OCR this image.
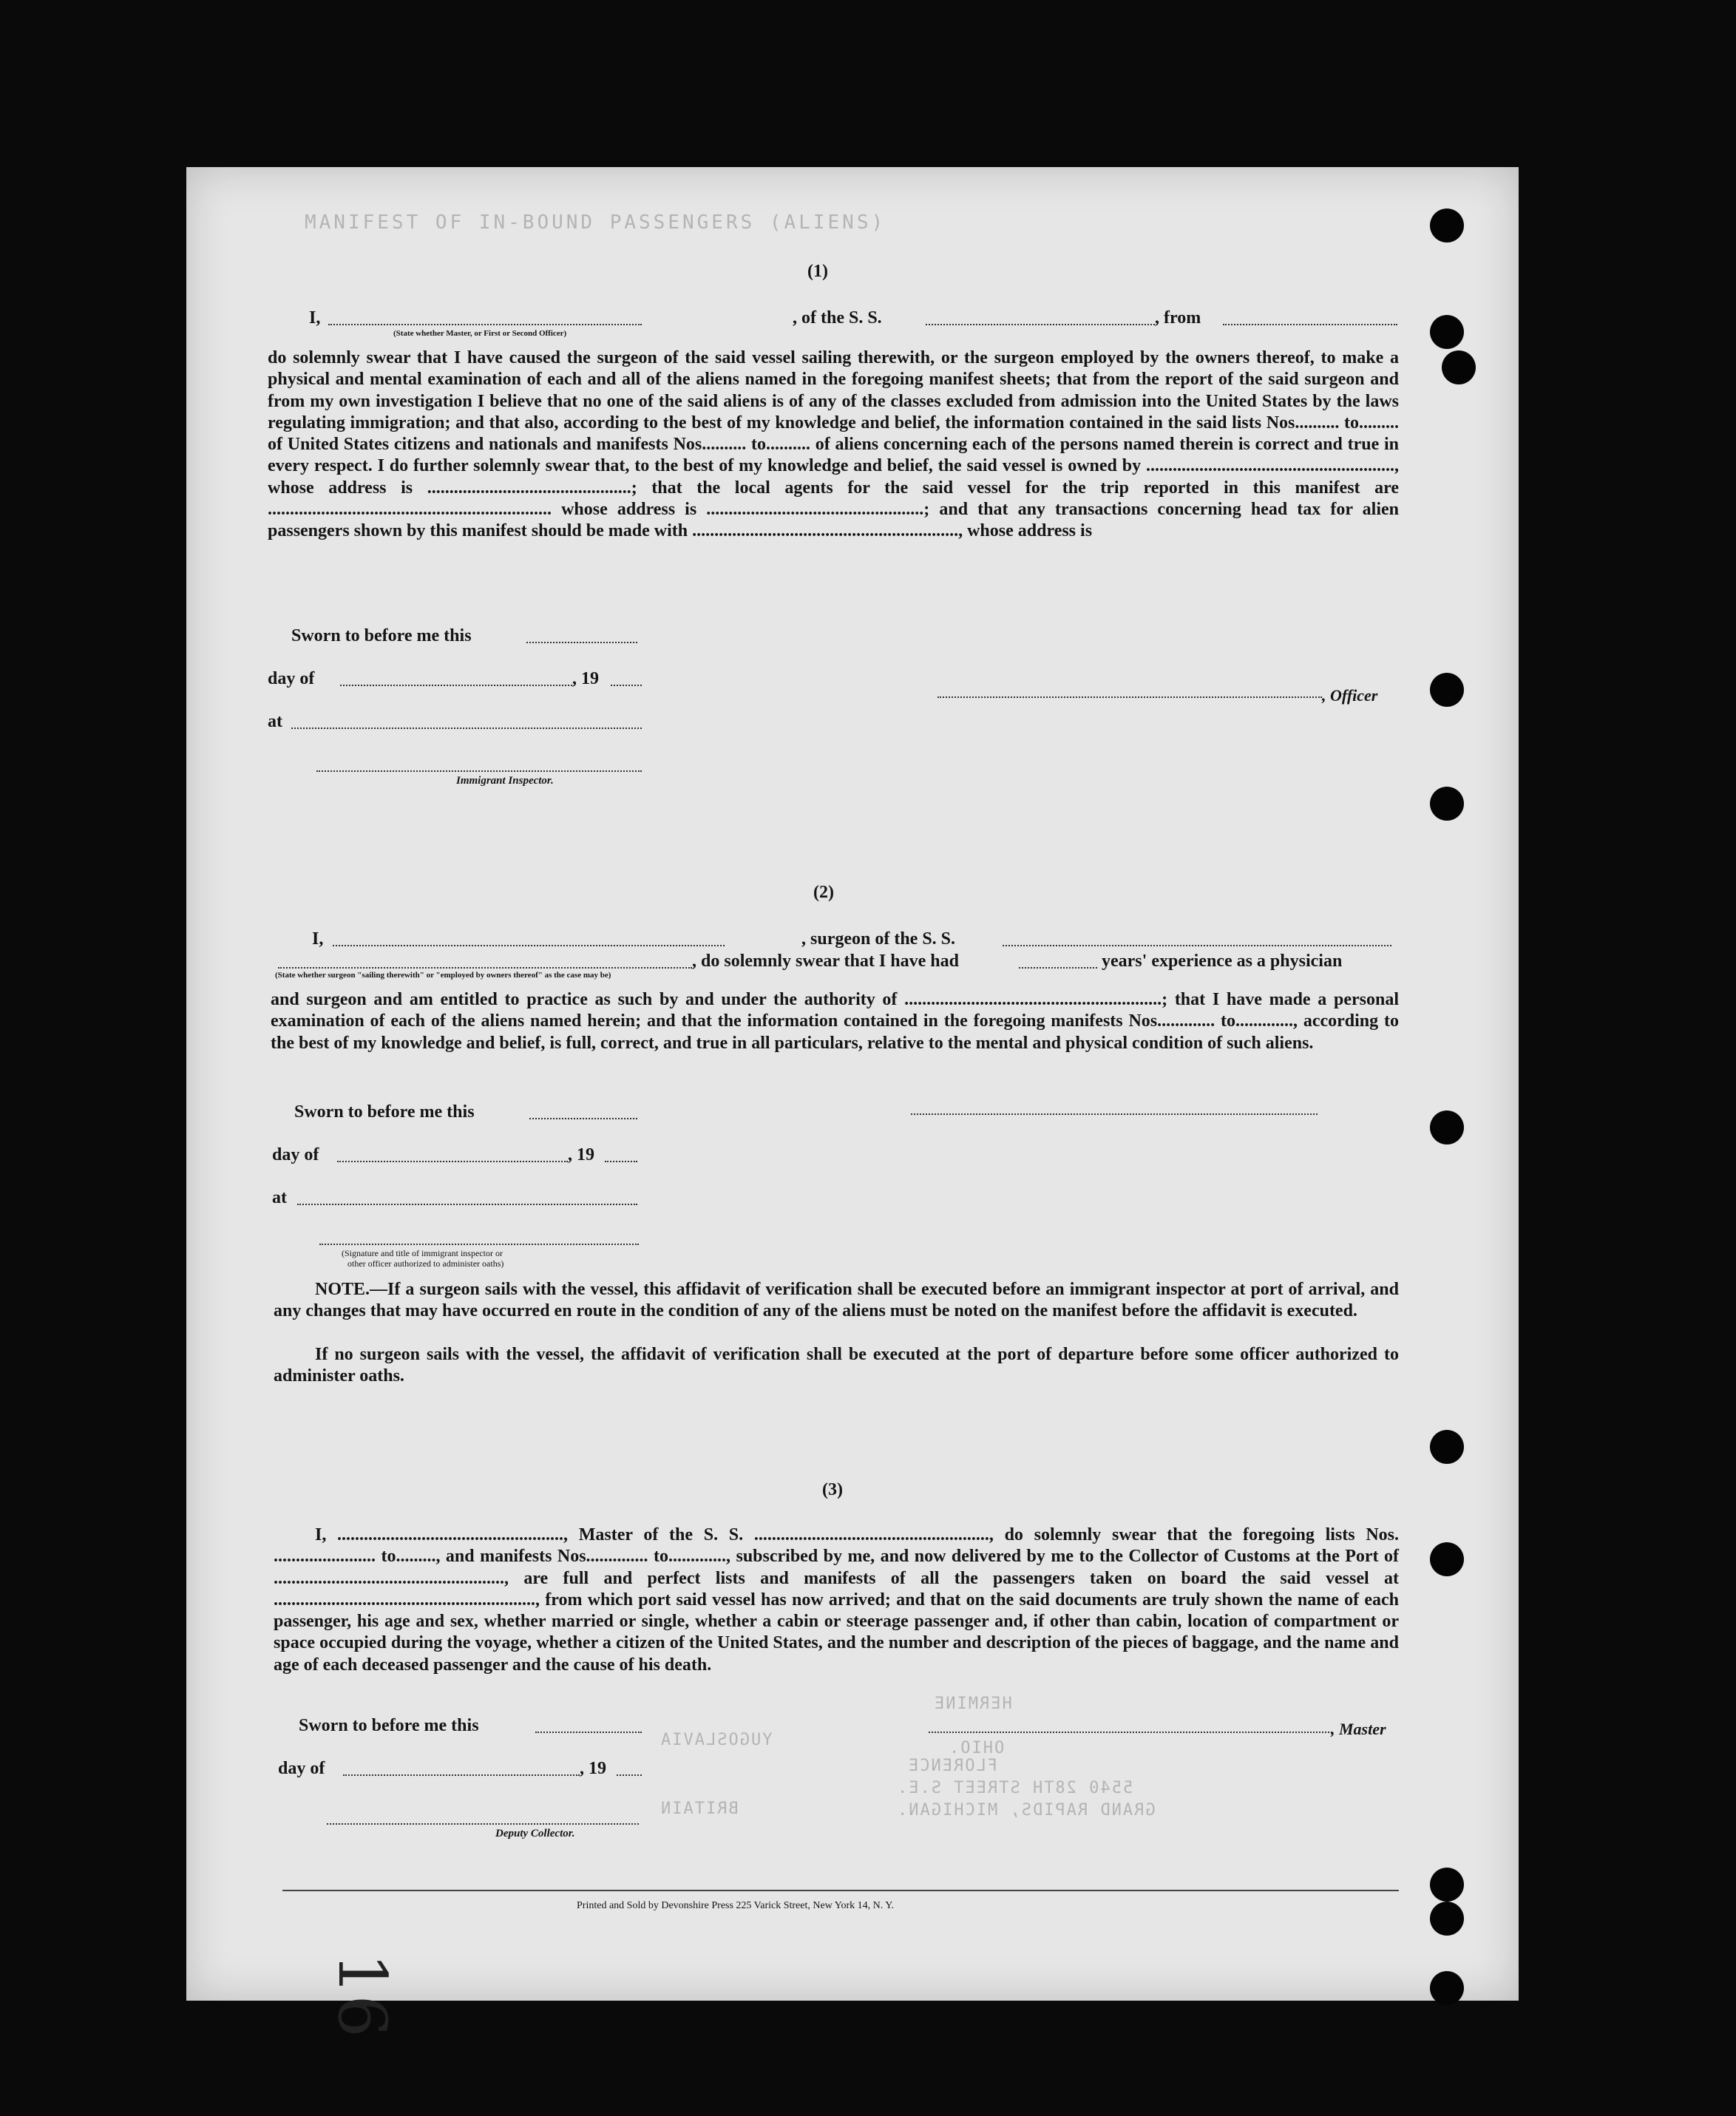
MANIFEST OF IN-BOUND PASSENGERS (ALIENS)
YUGOSLAVIA
BRITAIN
FLORENCE
5540 28TH STREET S.E.
GRAND RAPIDS, MICHIGAN.
HERMINE
OHIO.
(1)
I,	, of the S. S.	, from
(State whether Master, or First or Second Officer)
do solemnly swear that I have caused the surgeon of the said vessel sailing therewith, or the surgeon employed by the owners thereof, to make a physical and mental examination of each and all of the aliens named in the foregoing manifest sheets; that from the report of the said surgeon and from my own investigation I believe that no one of the said aliens is of any of the classes excluded from admission into the United States by the laws regulating immigration; and that also, according to the best of my knowledge and belief, the information contained in the said lists Nos.......... to......... of United States citizens and nationals and manifests Nos.......... to.......... of aliens concerning each of the persons named therein is correct and true in every respect. I do further solemnly swear that, to the best of my knowledge and belief, the said vessel is owned by ........................................................, whose address is ..............................................; that the local agents for the said vessel for the trip reported in this manifest are ................................................................ whose address is .................................................; and that any transactions concerning head tax for alien passengers shown by this manifest should be made with ............................................................, whose address is
Sworn to before me this
day of	, 19
at
Immigrant Inspector.
, Officer
(2)
I,	, surgeon of the S. S.
, do solemnly swear that I have had	years' experience as a physician
(State whether surgeon "sailing therewith" or "employed by owners thereof" as the case may be)
and surgeon and am entitled to practice as such by and under the authority of ..........................................................; that I have made a personal examination of each of the aliens named herein; and that the information contained in the foregoing manifests Nos............. to............., according to the best of my knowledge and belief, is full, correct, and true in all particulars, relative to the mental and physical condition of such aliens.
Sworn to before me this
day of	, 19
at
(Signature and title of immigrant inspector or
other officer authorized to administer oaths)
NOTE.—If a surgeon sails with the vessel, this affidavit of verification shall be executed before an immigrant inspector at port of arrival, and any changes that may have occurred en route in the condition of any of the aliens must be noted on the manifest before the affidavit is executed.
If no surgeon sails with the vessel, the affidavit of verification shall be executed at the port of departure before some officer authorized to administer oaths.
(3)
I, ..................................................., Master of the S. S. ....................................................., do solemnly swear that the foregoing lists Nos. ....................... to........., and manifests Nos.............. to............., subscribed by me, and now delivered by me to the Collector of Customs at the Port of ...................................................., are full and perfect lists and manifests of all the passengers taken on board the said vessel at ..........................................................., from which port said vessel has now arrived; and that on the said documents are truly shown the name of each passenger, his age and sex, whether married or single, whether a cabin or steerage passenger and, if other than cabin, location of compartment or space occupied during the voyage, whether a citizen of the United States, and the number and description of the pieces of baggage, and the name and age of each deceased passenger and the cause of his death.
Sworn to before me this
day of	, 19
Deputy Collector.
, Master
Printed and Sold by Devonshire Press 225 Varick Street, New York 14, N. Y.
16
